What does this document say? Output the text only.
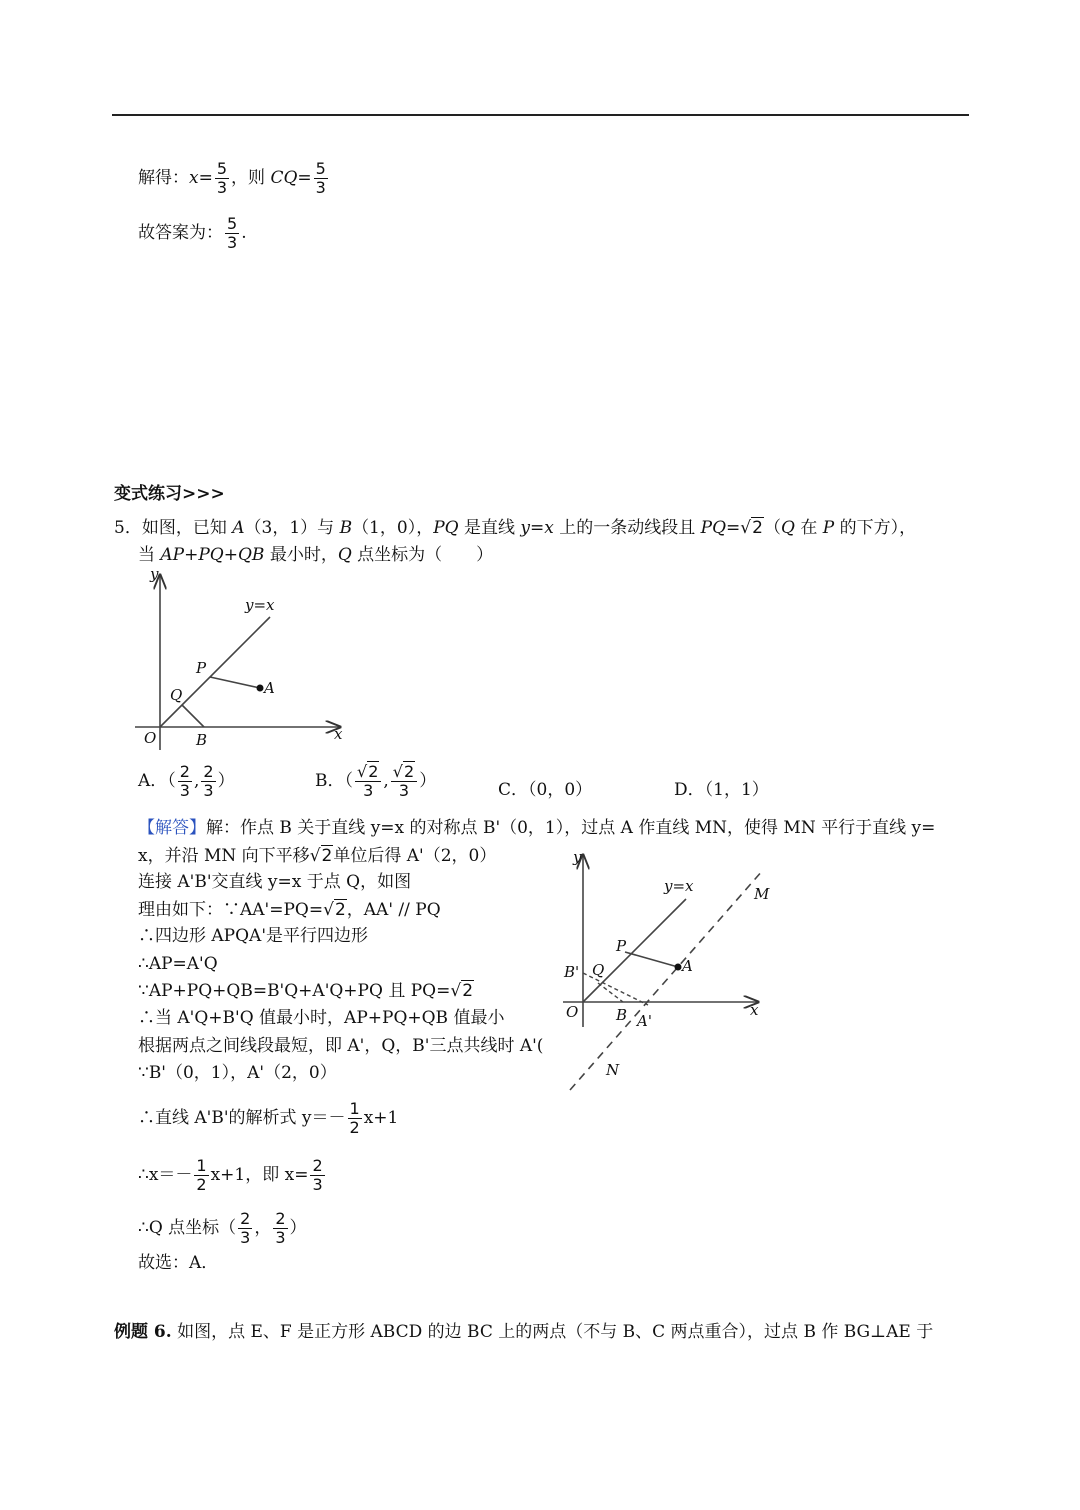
解得：$x= \frac{5}{3}$ ，则 $CQ= \frac{5}{3}$
故答案为： $\frac{5}{3}$ .
变式练习>>>
5．如图，已知 A（3，1）与 B（1，0），PQ 是直线 y=x 上的一条动线段且 PQ=√2（Q 在 P 的下方），
当 AP+PQ+QB 最小时，Q 点坐标为（　　）
y
x
O	B
Q
P
A
y=x
A．（ $\frac{2}{3}$ , $\frac{2}{3}$ ）	B．（ $\frac{√2}{3}$ , $\frac{√2}{3}$ ）	C．（0，0）	D．（1，1）
【解答】解：作点 B 关于直线 y=x 的对称点 B'（0，1），过点 A 作直线 MN，使得 MN 平行于直线 y=
x，并沿 MN 向下平移√2单位后得 A'（2，0）
连接 A'B'交直线 y=x 于点 Q，如图
理由如下：∵AA'=PQ=√2，AA' // PQ
∴四边形 APQA'是平行四边形
∴AP=A'Q
∵AP+PQ+QB=B'Q+A'Q+PQ 且 PQ=√2
∴当 A'Q+B'Q 值最小时，AP+PQ+QB 值最小
根据两点之间线段最短，即 A'，Q，B'三点共线时 A'(
∵B'（0，1），A'（2，0）
∴直线 A'B'的解析式 $y=- \frac{1}{2} x+1$
∴x＝－ $\frac{1}{2} x+1$，即 $x= \frac{2}{3}$
∴Q 点坐标（ $\frac{2}{3}$ ， $\frac{2}{3}$ ）
故选：A．
y
x
O	B
B' Q
P
A
A'
y=x	M
N
例题 6. 如图，点 E、F 是正方形 ABCD 的边 BC 上的两点（不与 B、C 两点重合），过点 B 作 BG⊥AE 于
